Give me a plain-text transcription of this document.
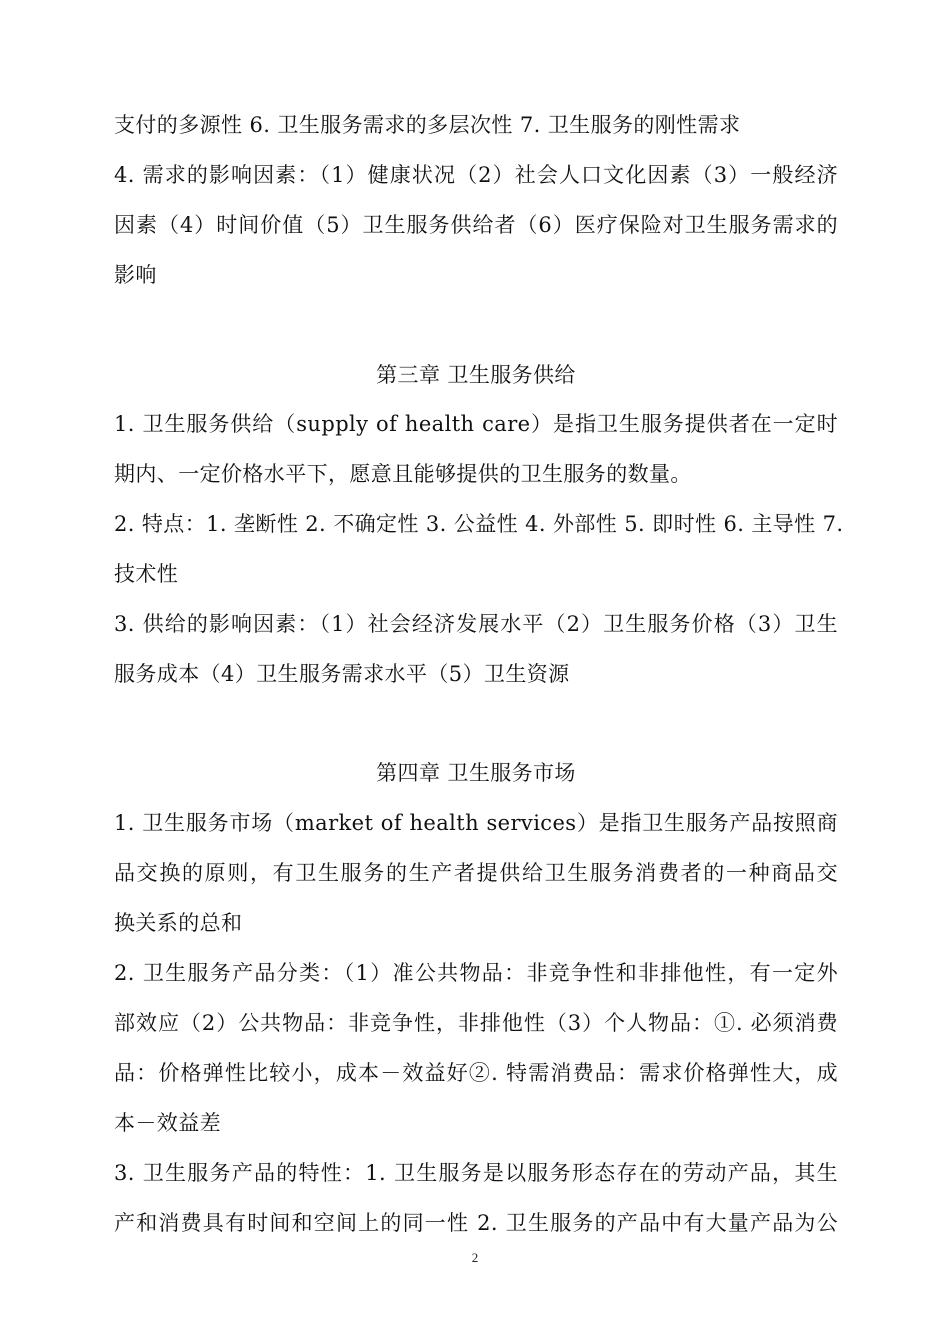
支付的多源性 6. 卫生服务需求的多层次性 7. 卫生服务的刚性需求
4. 需求的影响因素：（1）健康状况（2）社会人口文化因素（3）一般经济
因素（4）时间价值（5）卫生服务供给者（6）医疗保险对卫生服务需求的
影响
第三章 卫生服务供给
1. 卫生服务供给（supply of health care）是指卫生服务提供者在一定时
期内、一定价格水平下，愿意且能够提供的卫生服务的数量。
2. 特点：1. 垄断性 2. 不确定性 3. 公益性 4. 外部性 5. 即时性 6. 主导性 7.
技术性
3. 供给的影响因素：（1）社会经济发展水平（2）卫生服务价格（3）卫生
服务成本（4）卫生服务需求水平（5）卫生资源
第四章 卫生服务市场
1. 卫生服务市场（market of health services）是指卫生服务产品按照商
品交换的原则，有卫生服务的生产者提供给卫生服务消费者的一种商品交
换关系的总和
2. 卫生服务产品分类：（1）准公共物品：非竞争性和非排他性，有一定外
部效应（2）公共物品：非竞争性，非排他性（3）个人物品：①. 必须消费
品：价格弹性比较小，成本－效益好②. 特需消费品：需求价格弹性大，成
本－效益差
3. 卫生服务产品的特性：1. 卫生服务是以服务形态存在的劳动产品，其生
产和消费具有时间和空间上的同一性 2. 卫生服务的产品中有大量产品为公
2
